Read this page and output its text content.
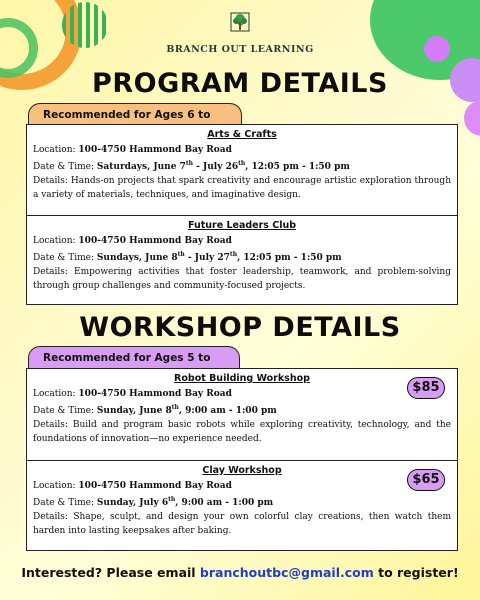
BRANCH OUT LEARNING
PROGRAM DETAILS
Recommended for Ages 6 to
Arts & Crafts
Location: 100-4750 Hammond Bay Road
Date & Time: Saturdays, June 7th - July 26th, 12:05 pm - 1:50 pm
Details: Hands-on projects that spark creativity and encourage artistic exploration through a variety of materials, techniques, and imaginative design.
Future Leaders Club
Location: 100-4750 Hammond Bay Road
Date & Time: Sundays, June 8th - July 27th, 12:05 pm - 1:50 pm
Details: Empowering activities that foster leadership, teamwork, and problem-solving through group challenges and community-focused projects.
WORKSHOP DETAILS
Recommended for Ages 5 to
$85
Robot Building Workshop
Location: 100-4750 Hammond Bay Road
Date & Time: Sunday, June 8th, 9:00 am - 1:00 pm
Details: Build and program basic robots while exploring creativity, technology, and the foundations of innovation—no experience needed.
$65
Clay Workshop
Location: 100-4750 Hammond Bay Road
Date & Time: Sunday, July 6th, 9:00 am - 1:00 pm
Details: Shape, sculpt, and design your own colorful clay creations, then watch them harden into lasting keepsakes after baking.
Interested? Please email branchoutbc@gmail.com to register!
